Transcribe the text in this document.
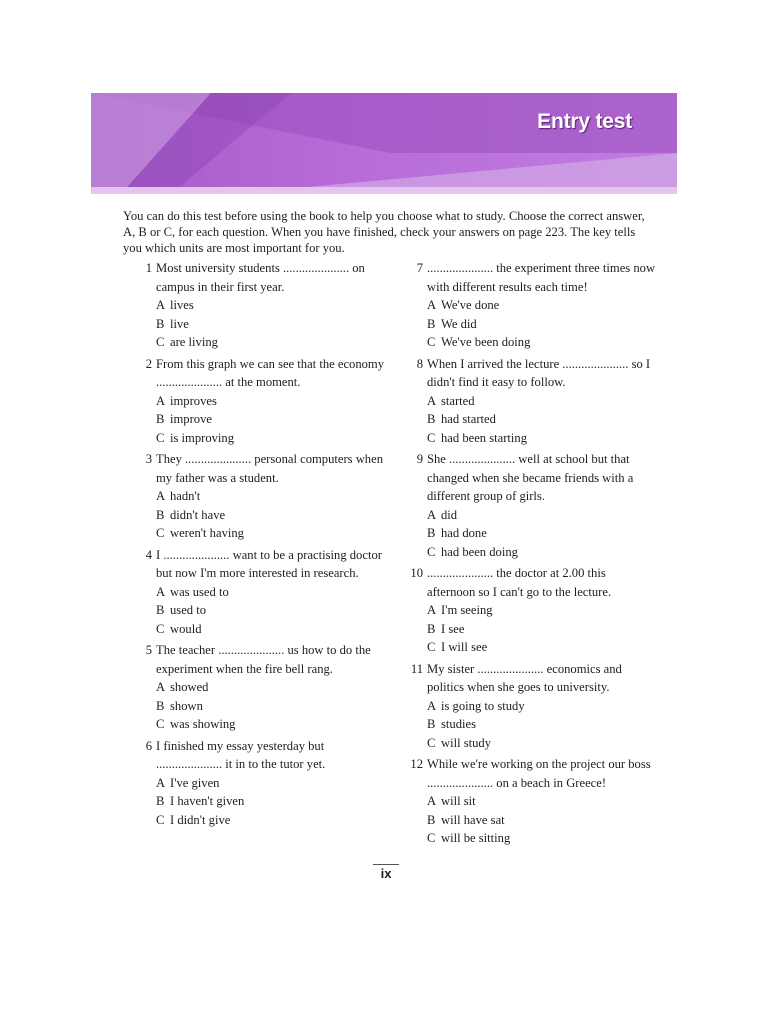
Entry test

You can do this test before using the book to help you choose what to study. Choose the correct answer, A, B or C, for each question. When you have finished, check your answers on page 223. The key tells you which units are most important for you.

1 Most university students ..................... on campus in their first year.

A lives

B live

C are living

2 From this graph we can see that the economy ..................... at the moment.

A improves

B improve

C is improving

3 They ..................... personal computers when my father was a student.

A hadn't

B didn't have

C weren't having

4 I ..................... want to be a practising doctor but now I'm more interested in research.

A was used to

B used to

C would

5 The teacher ..................... us how to do the experiment when the fire bell rang.

A showed

B shown

C was showing

6 I finished my essay yesterday but ..................... it in to the tutor yet.

A I've given

B I haven't given

C I didn't give

7 ..................... the experiment three times now with different results each time!

A We've done

B We did

C We've been doing

8 When I arrived the lecture ..................... so I didn't find it easy to follow.

A started

B had started

C had been starting

9 She ..................... well at school but that changed when she became friends with a different group of girls.

A did

B had done

C had been doing

10 ..................... the doctor at 2.00 this afternoon so I can't go to the lecture.

A I'm seeing

B I see

C I will see

11 My sister ..................... economics and politics when she goes to university.

A is going to study

B studies

C will study

12 While we're working on the project our boss ..................... on a beach in Greece!

A will sit

B will have sat

C will be sitting

ix
